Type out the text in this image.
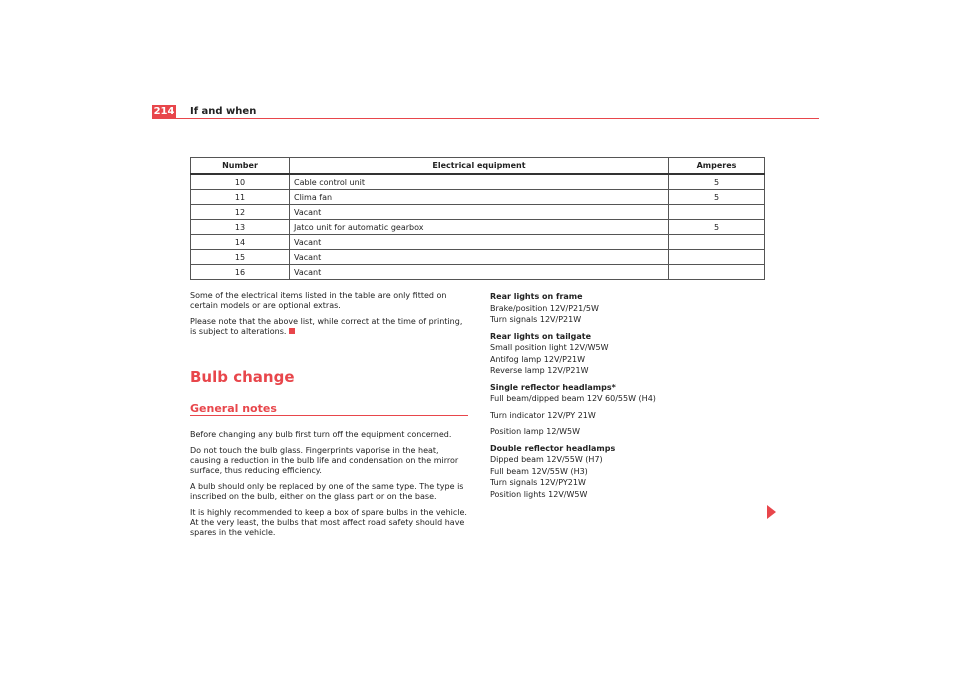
214 If and when
Number	Electrical equipment	Amperes
10	Cable control unit	5
11	Clima fan	5
12	Vacant	
13	Jatco unit for automatic gearbox	5
14	Vacant	
15	Vacant	
16	Vacant	

Some of the electrical items listed in the table are only fitted on certain models or are optional extras.

Please note that the above list, while correct at the time of printing, is subject to alterations.

Bulb change
General notes

Before changing any bulb first turn off the equipment concerned.

Do not touch the bulb glass. Fingerprints vaporise in the heat, causing a reduction in the bulb life and condensation on the mirror surface, thus reducing efficiency.

A bulb should only be replaced by one of the same type. The type is inscribed on the bulb, either on the glass part or on the base.

It is highly recommended to keep a box of spare bulbs in the vehicle. At the very least, the bulbs that most affect road safety should have spares in the vehicle.

Rear lights on frame
Brake/position 12V/P21/5W
Turn signals 12V/P21W
Rear lights on tailgate
Small position light 12V/W5W
Antifog lamp 12V/P21W
Reverse lamp 12V/P21W
Single reflector headlamps*
Full beam/dipped beam 12V 60/55W (H4)
Turn indicator 12V/PY 21W
Position lamp 12/W5W
Double reflector headlamps
Dipped beam 12V/55W (H7)
Full beam 12V/55W (H3)
Turn signals 12V/PY21W
Position lights 12V/W5W
